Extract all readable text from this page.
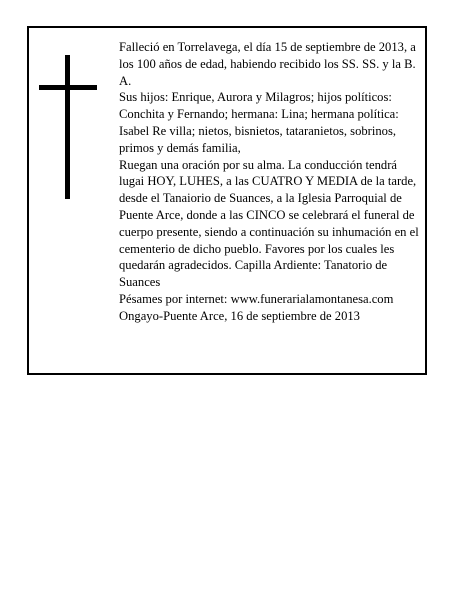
Falleció en Torrelavega, el día 15 de septiembre de 2013, a los 100 años de edad, habiendo recibido los SS. SS. y la B. A.

Sus hijos: Enrique, Aurora y Milagros; hijos políticos: Conchita y Fernando; hermana: Lina; hermana política: Isabel Re villa; nietos, bisnietos, tataranietos, sobrinos, primos y demás familia,

Ruegan una oración por su alma. La conducción tendrá lugai HOY, LUHES, a las CUATRO Y MEDIA de la tarde, desde el Tanaiorio de Suances, a la Iglesia Parroquial de Puente Arce, donde a las CINCO se celebrará el funeral de cuerpo presente, siendo a continuación su inhumación en el cementerio de dicho pueblo. Favores por los cuales les quedarán agradecidos. Capilla Ardiente: Tanatorio de Suances

Pésames por internet: www.funerarialamontanesa.com

Ongayo-Puente Arce, 16 de septiembre de 2013
